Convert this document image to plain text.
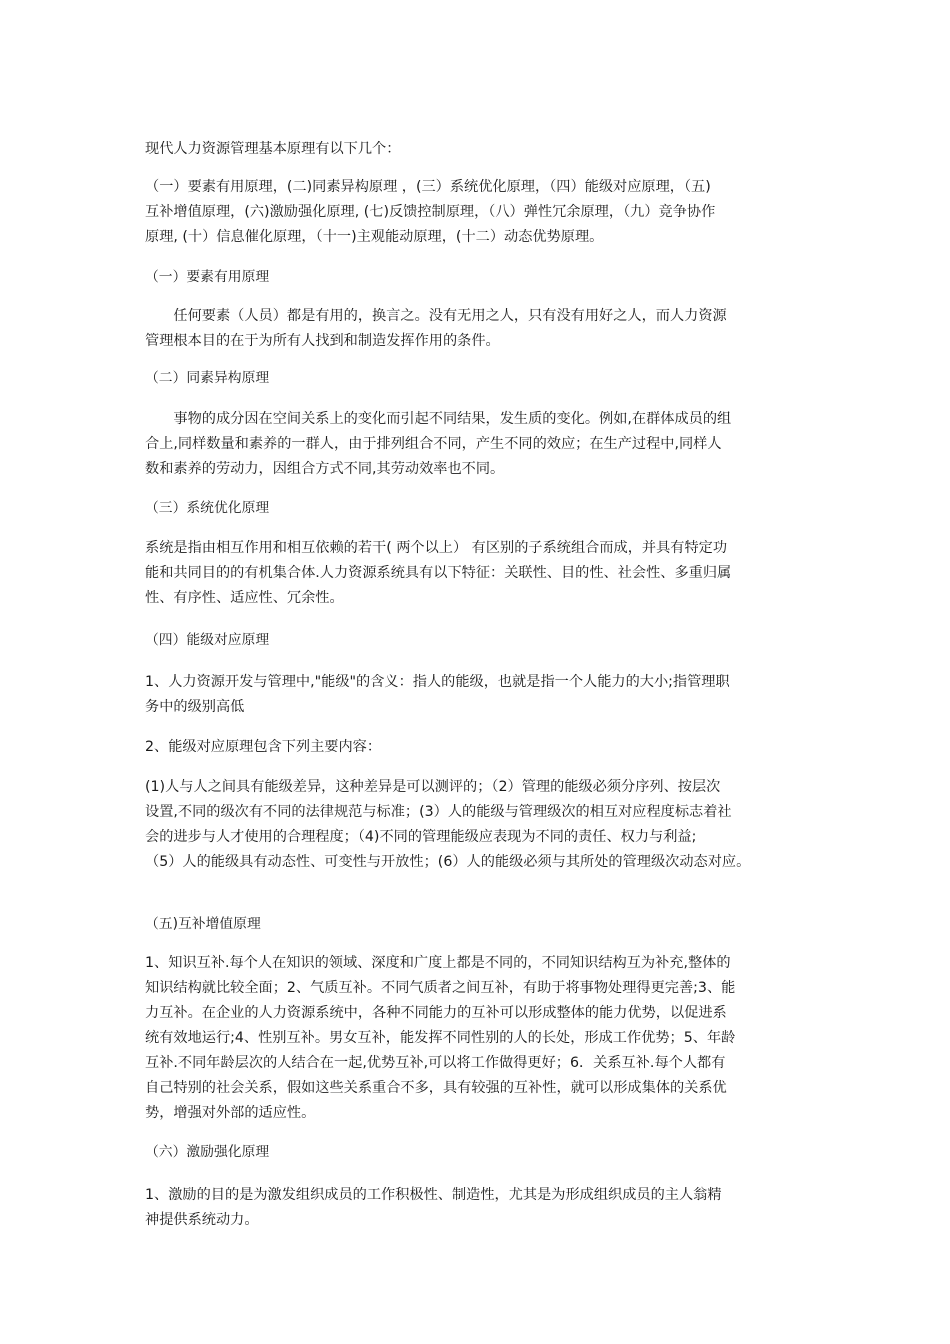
现代人力资源管理基本原理有以下几个：

（一）要素有用原理，(二)同素异构原理 ，(三）系统优化原理，（四）能级对应原理，（五)
互补增值原理，(六)激励强化原理, (七)反馈控制原理，（八）弹性冗余原理，（九）竞争协作
原理, (十）信息催化原理，（十一)主观能动原理，(十二）动态优势原理。

（一）要素有用原理

任何要素（人员）都是有用的，换言之。没有无用之人，只有没有用好之人，而人力资源
管理根本目的在于为所有人找到和制造发挥作用的条件。

（二）同素异构原理

事物的成分因在空间关系上的变化而引起不同结果，发生质的变化。例如,在群体成员的组
合上,同样数量和素养的一群人，由于排列组合不同，产生不同的效应；在生产过程中,同样人
数和素养的劳动力，因组合方式不同,其劳动效率也不同。

（三）系统优化原理

系统是指由相互作用和相互依赖的若干( 两个以上） 有区别的子系统组合而成，并具有特定功
能和共同目的的有机集合体.人力资源系统具有以下特征：关联性、目的性、社会性、多重归属
性、有序性、适应性、冗余性。

（四）能级对应原理

1、人力资源开发与管理中,"能级"的含义：指人的能级，也就是指一个人能力的大小;指管理职
务中的级别高低

2、能级对应原理包含下列主要内容：

(1)人与人之间具有能级差异，这种差异是可以测评的；（2）管理的能级必须分序列、按层次
设置,不同的级次有不同的法律规范与标准；(3）人的能级与管理级次的相互对应程度标志着社
会的进步与人才使用的合理程度；（4)不同的管理能级应表现为不同的责任、权力与利益;
（5）人的能级具有动态性、可变性与开放性；(6）人的能级必须与其所处的管理级次动态对应。

（五)互补增值原理

1、知识互补.每个人在知识的领域、深度和广度上都是不同的，不同知识结构互为补充,整体的
知识结构就比较全面；2、气质互补。不同气质者之间互补，有助于将事物处理得更完善;3、能
力互补。在企业的人力资源系统中，各种不同能力的互补可以形成整体的能力优势，以促进系
统有效地运行;4、性别互补。男女互补，能发挥不同性别的人的长处，形成工作优势；5、年龄
互补.不同年龄层次的人结合在一起,优势互补,可以将工作做得更好；6．关系互补.每个人都有
自己特别的社会关系，假如这些关系重合不多，具有较强的互补性，就可以形成集体的关系优
势，增强对外部的适应性。

（六）激励强化原理

1、激励的目的是为激发组织成员的工作积极性、制造性，尤其是为形成组织成员的主人翁精
神提供系统动力。
